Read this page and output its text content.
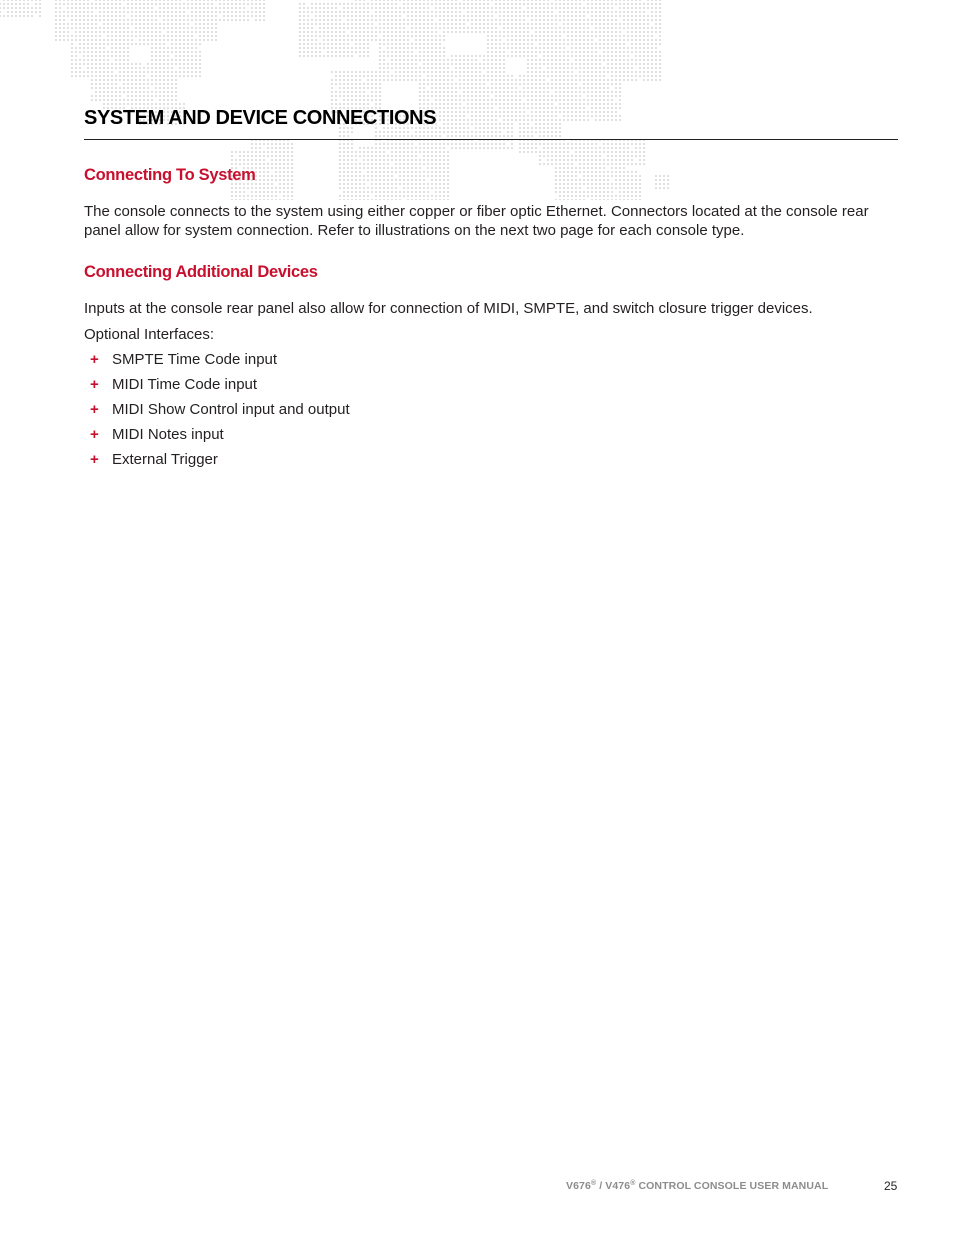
SYSTEM AND DEVICE CONNECTIONS
Connecting To System

The console connects to the system using either copper or fiber optic Ethernet. Connectors located at the console rear panel allow for system connection. Refer to illustrations on the next two page for each console type.

Connecting Additional Devices

Inputs at the console rear panel also allow for connection of MIDI, SMPTE, and switch closure trigger devices.

Optional Interfaces:

+ SMPTE Time Code input
+ MIDI Time Code input
+ MIDI Show Control input and output
+ MIDI Notes input
+ External Trigger
V676® / V476® CONTROL CONSOLE USER MANUAL	25
